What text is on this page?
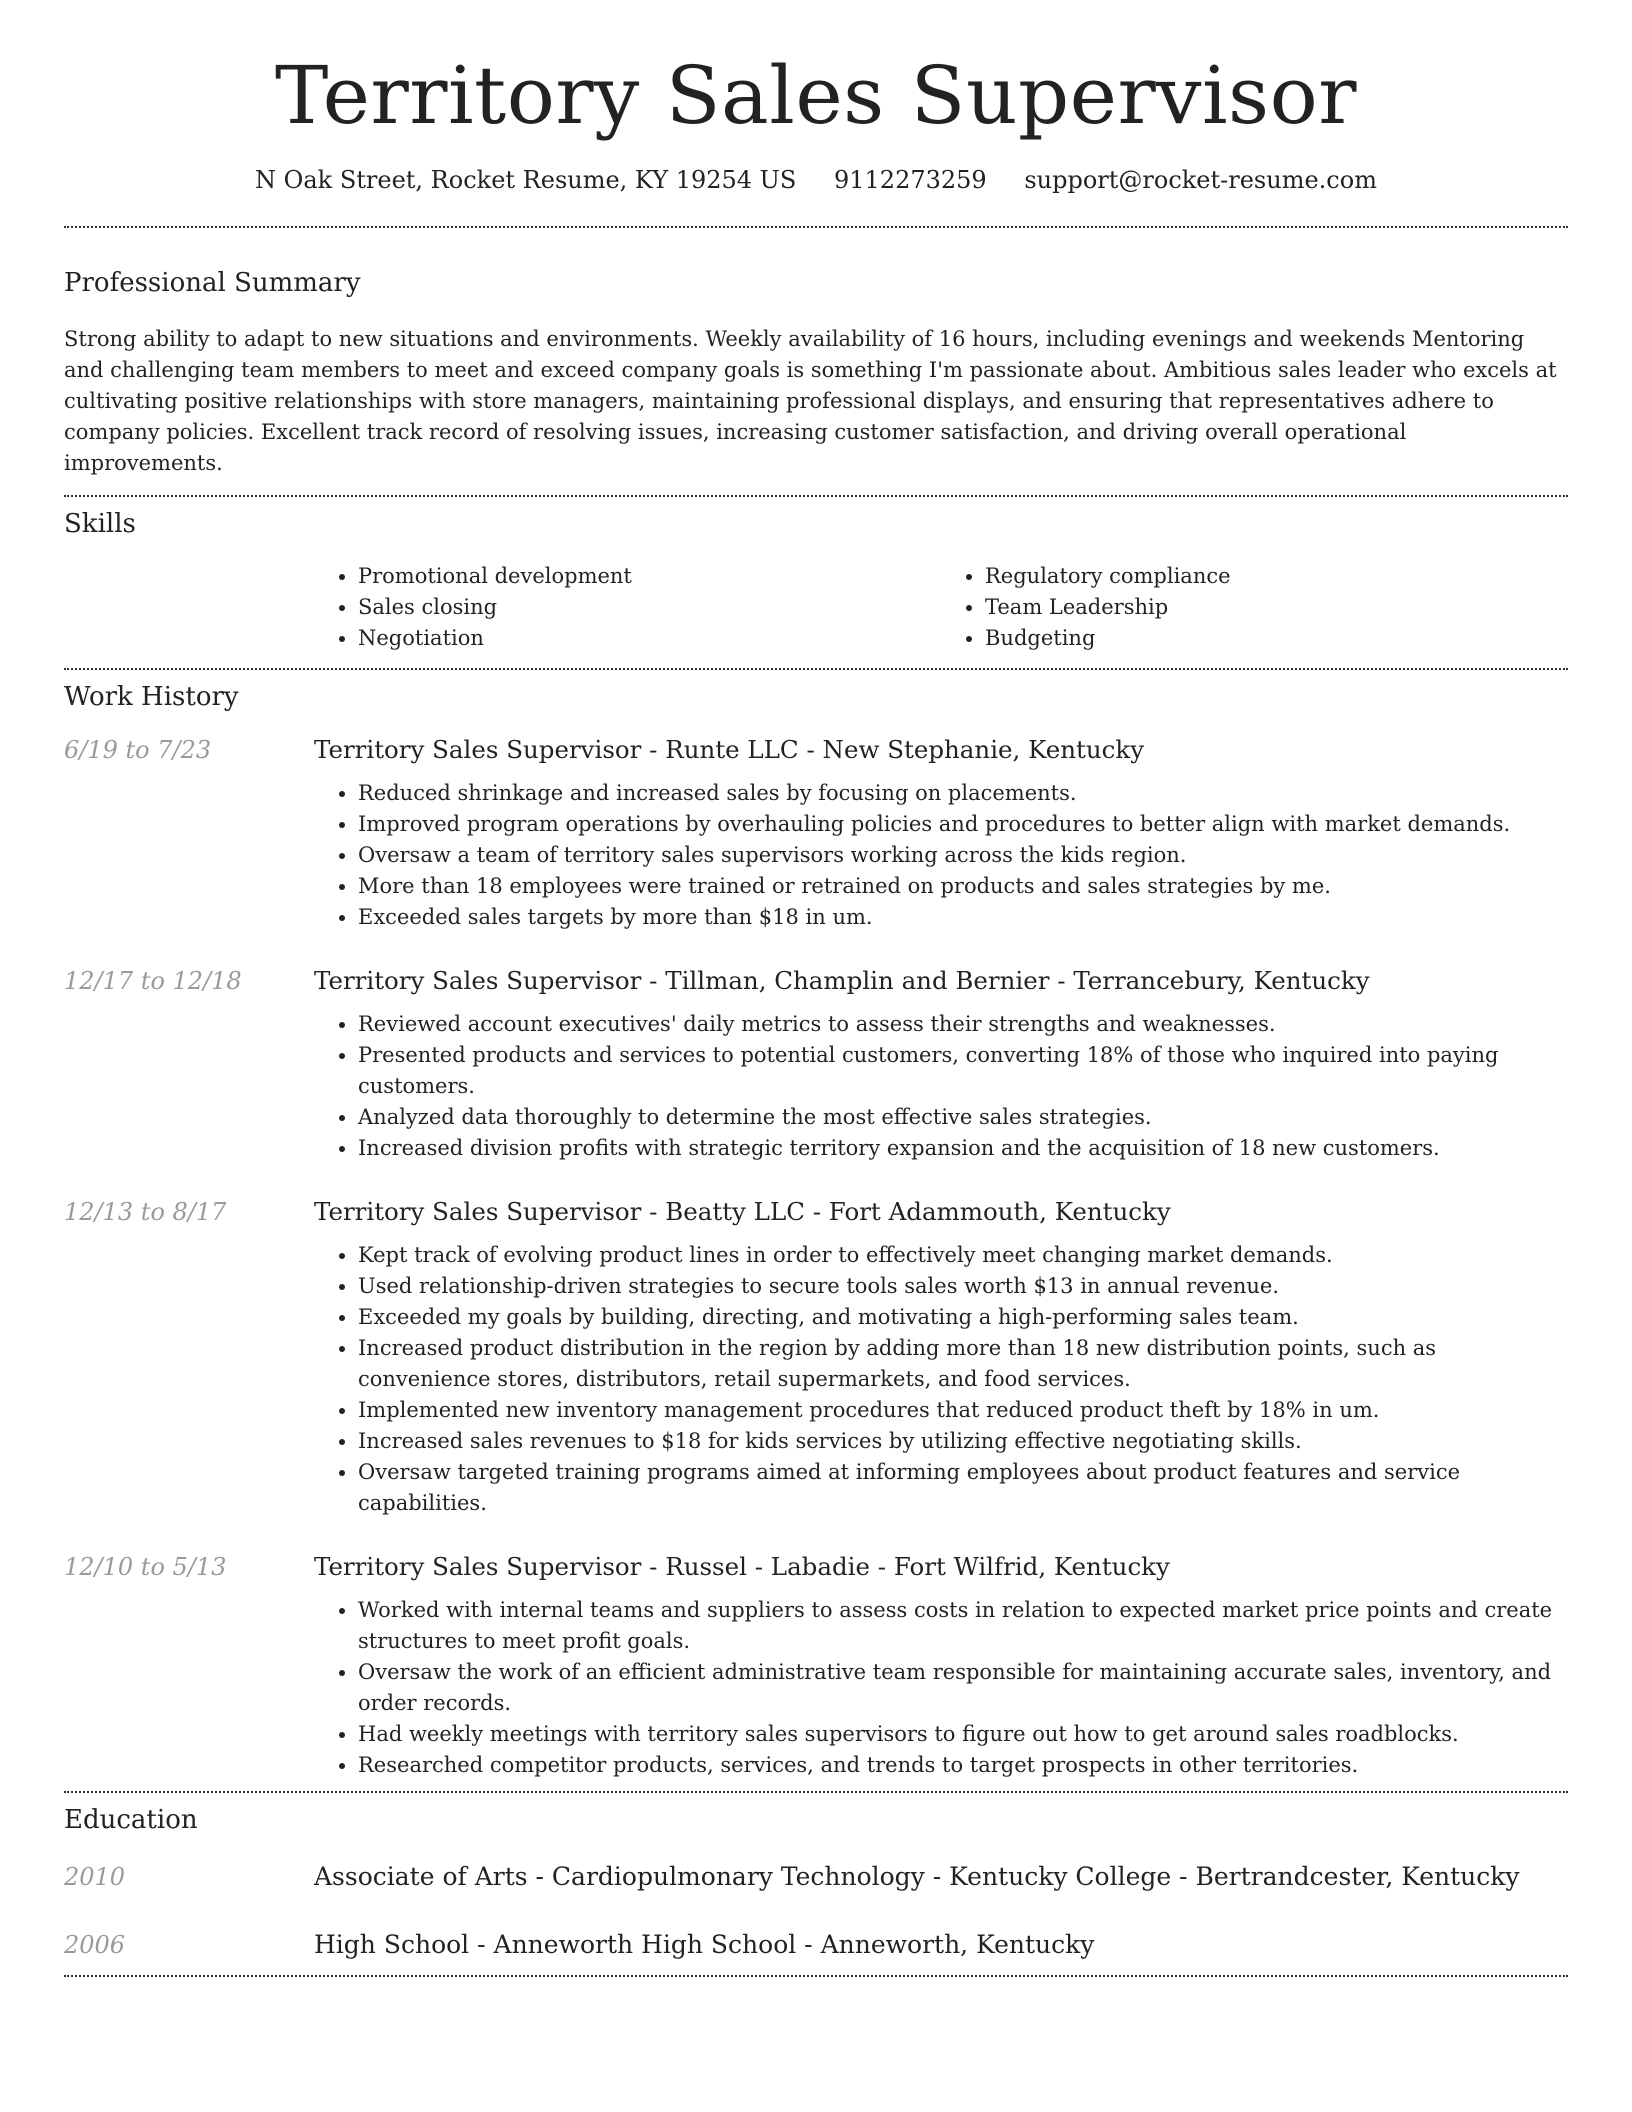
Territory Sales Supervisor
N Oak Street, Rocket Resume, KY 19254 US 9112273259 support@rocket-resume.com
Professional Summary

Strong ability to adapt to new situations and environments. Weekly availability of 16 hours, including evenings and weekends Mentoring and challenging team members to meet and exceed company goals is something I'm passionate about. Ambitious sales leader who excels at cultivating positive relationships with store managers, maintaining professional displays, and ensuring that representatives adhere to company policies. Excellent track record of resolving issues, increasing customer satisfaction, and driving overall operational improvements.

Skills
• Promotional development
• Sales closing
• Negotiation
• Regulatory compliance
• Team Leadership
• Budgeting
Work History
6/19 to 7/23	Territory Sales Supervisor - Runte LLC - New Stephanie, Kentucky
• Reduced shrinkage and increased sales by focusing on placements.
• Improved program operations by overhauling policies and procedures to better align with market demands.
• Oversaw a team of territory sales supervisors working across the kids region.
• More than 18 employees were trained or retrained on products and sales strategies by me.
• Exceeded sales targets by more than $18 in um.
12/17 to 12/18	Territory Sales Supervisor - Tillman, Champlin and Bernier - Terrancebury, Kentucky
• Reviewed account executives' daily metrics to assess their strengths and weaknesses.
• Presented products and services to potential customers, converting 18% of those who inquired into paying customers.
• Analyzed data thoroughly to determine the most effective sales strategies.
• Increased division profits with strategic territory expansion and the acquisition of 18 new customers.
12/13 to 8/17	Territory Sales Supervisor - Beatty LLC - Fort Adammouth, Kentucky
• Kept track of evolving product lines in order to effectively meet changing market demands.
• Used relationship-driven strategies to secure tools sales worth $13 in annual revenue.
• Exceeded my goals by building, directing, and motivating a high-performing sales team.
• Increased product distribution in the region by adding more than 18 new distribution points, such as convenience stores, distributors, retail supermarkets, and food services.
• Implemented new inventory management procedures that reduced product theft by 18% in um.
• Increased sales revenues to $18 for kids services by utilizing effective negotiating skills.
• Oversaw targeted training programs aimed at informing employees about product features and service capabilities.
12/10 to 5/13	Territory Sales Supervisor - Russel - Labadie - Fort Wilfrid, Kentucky
• Worked with internal teams and suppliers to assess costs in relation to expected market price points and create structures to meet profit goals.
• Oversaw the work of an efficient administrative team responsible for maintaining accurate sales, inventory, and order records.
• Had weekly meetings with territory sales supervisors to figure out how to get around sales roadblocks.
• Researched competitor products, services, and trends to target prospects in other territories.
Education
2010	Associate of Arts - Cardiopulmonary Technology - Kentucky College - Bertrandcester, Kentucky
2006	High School - Anneworth High School - Anneworth, Kentucky
